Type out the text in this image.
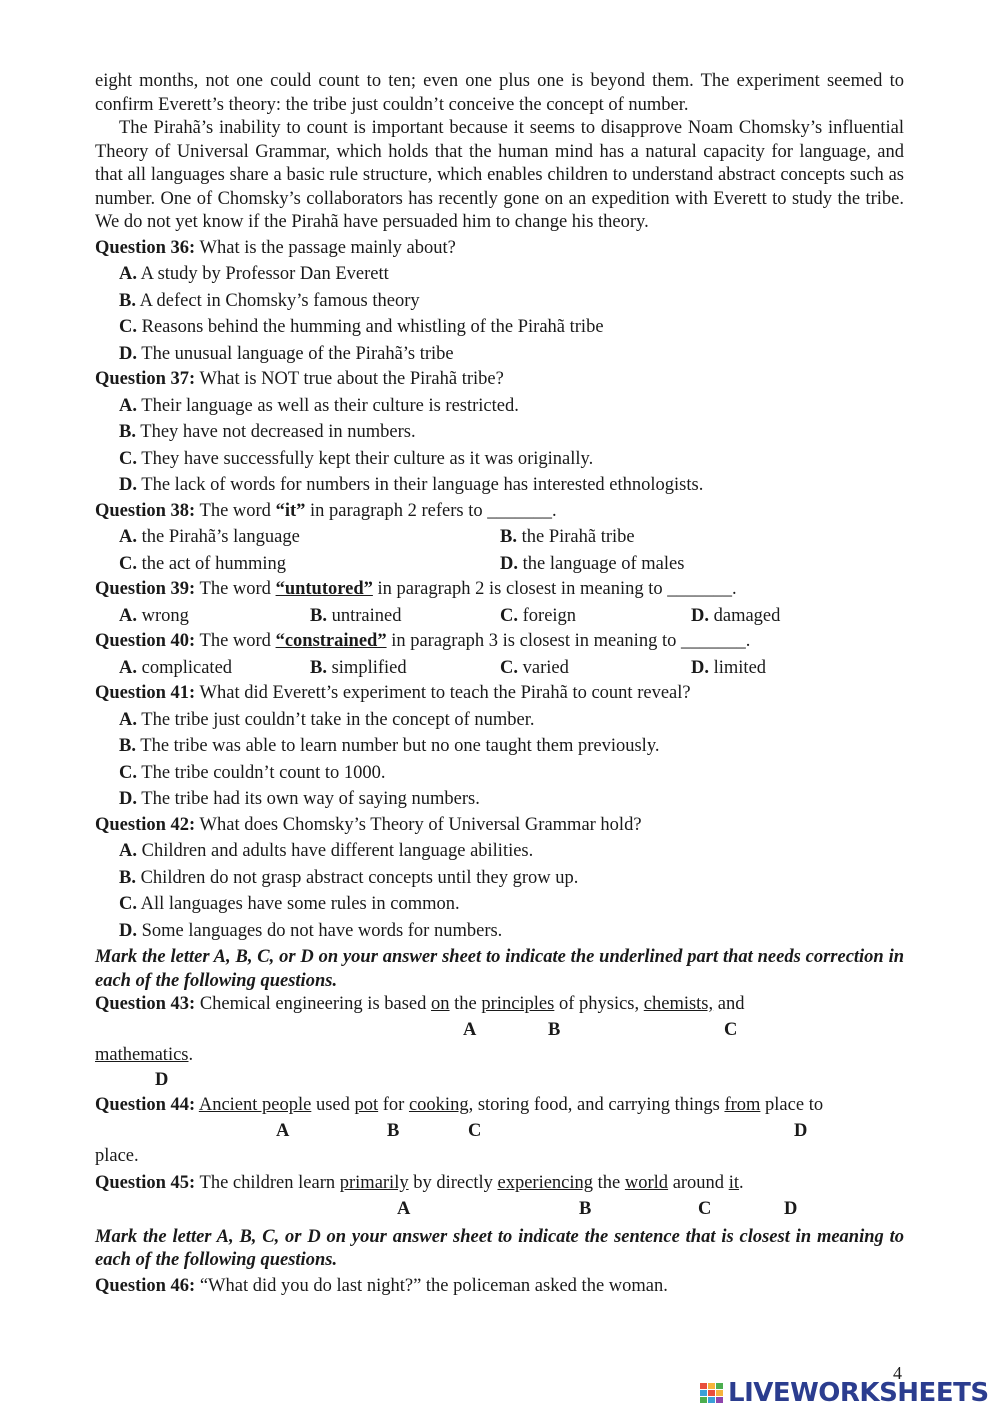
eight months, not one could count to ten; even one plus one is beyond them. The experiment seemed to confirm Everett’s theory: the tribe just couldn’t conceive the concept of number.

The Pirahã’s inability to count is important because it seems to disapprove Noam Chomsky’s influential Theory of Universal Grammar, which holds that the human mind has a natural capacity for language, and that all languages share a basic rule structure, which enables children to understand abstract concepts such as number. One of Chomsky’s collaborators has recently gone on an expedition with Everett to study the tribe. We do not yet know if the Pirahã have persuaded him to change his theory.

Question 36: What is the passage mainly about?
A. A study by Professor Dan Everett
B. A defect in Chomsky’s famous theory
C. Reasons behind the humming and whistling of the Pirahã tribe
D. The unusual language of the Pirahã’s tribe
Question 37: What is NOT true about the Pirahã tribe?
A. Their language as well as their culture is restricted.
B. They have not decreased in numbers.
C. They have successfully kept their culture as it was originally.
D. The lack of words for numbers in their language has interested ethnologists.
Question 38: The word “it” in paragraph 2 refers to _______.
A. the Pirahã’s language	B. the Pirahã tribe
C. the act of humming	D. the language of males
Question 39: The word “untutored” in paragraph 2 is closest in meaning to _______.
A. wrong	B. untrained	C. foreign	D. damaged
Question 40: The word “constrained” in paragraph 3 is closest in meaning to _______.
A. complicated	B. simplified	C. varied	D. limited
Question 41: What did Everett’s experiment to teach the Pirahã to count reveal?
A. The tribe just couldn’t take in the concept of number.
B. The tribe was able to learn number but no one taught them previously.
C. The tribe couldn’t count to 1000.
D. The tribe had its own way of saying numbers.
Question 42: What does Chomsky’s Theory of Universal Grammar hold?
A. Children and adults have different language abilities.
B. Children do not grasp abstract concepts until they grow up.
C. All languages have some rules in common.
D. Some languages do not have words for numbers.
Mark the letter A, B, C, or D on your answer sheet to indicate the underlined part that needs correction in each of the following questions.
Question 43: Chemical engineering is based on the principles of physics, chemists, and
A	B	C
mathematics.
D
Question 44: Ancient people used pot for cooking, storing food, and carrying things from place to
A	B	C	D
place.
Question 45: The children learn primarily by directly experiencing the world around it.
A	B	C	D
Mark the letter A, B, C, or D on your answer sheet to indicate the sentence that is closest in meaning to each of the following questions.
Question 46: “What did you do last night?” the policeman asked the woman.
4
LIVEWORKSHEETS
